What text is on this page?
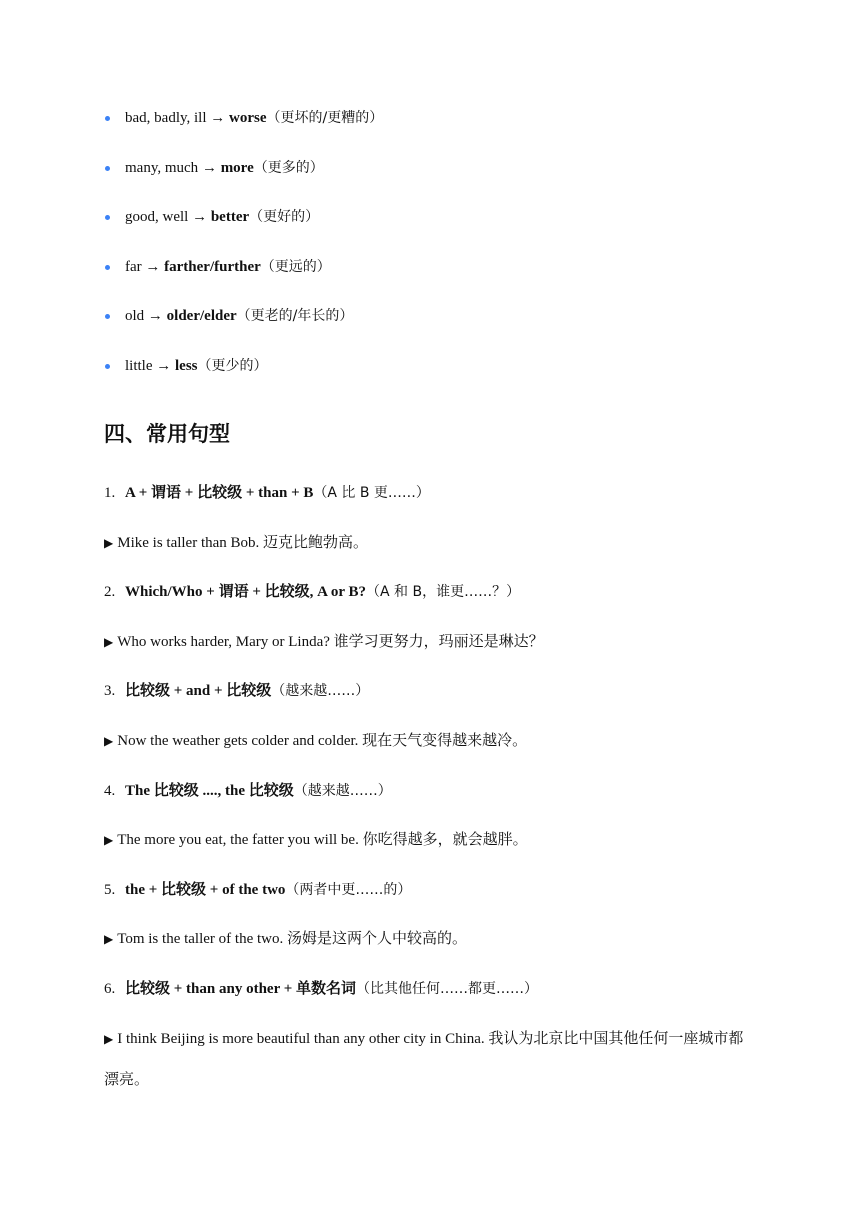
bad, badly, ill → worse（更坏的/更糟的）
many, much → more（更多的）
good, well → better（更好的）
far → farther/further（更远的）
old → older/elder（更老的/年长的）
little → less（更少的）
四、常用句型
1. A + 谓语 + 比较级 + than + B（A 比 B 更……）
▶ Mike is taller than Bob. 迈克比鲍勃高。
2. Which/Who + 谓语 + 比较级, A or B?（A 和 B，谁更……？）
▶ Who works harder, Mary or Linda? 谁学习更努力，玛丽还是琳达？
3. 比较级 + and + 比较级（越来越……）
▶ Now the weather gets colder and colder. 现在天气变得越来越冷。
4. The 比较级 ...., the 比较级（越来越……）
▶ The more you eat, the fatter you will be. 你吃得越多，就会越胖。
5. the + 比较级 + of the two（两者中更……的）
▶ Tom is the taller of the two. 汤姆是这两个人中较高的。
6. 比较级 + than any other + 单数名词（比其他任何……都更……）
▶ I think Beijing is more beautiful than any other city in China. 我认为北京比中国其他任何一座城市都漂亮。
